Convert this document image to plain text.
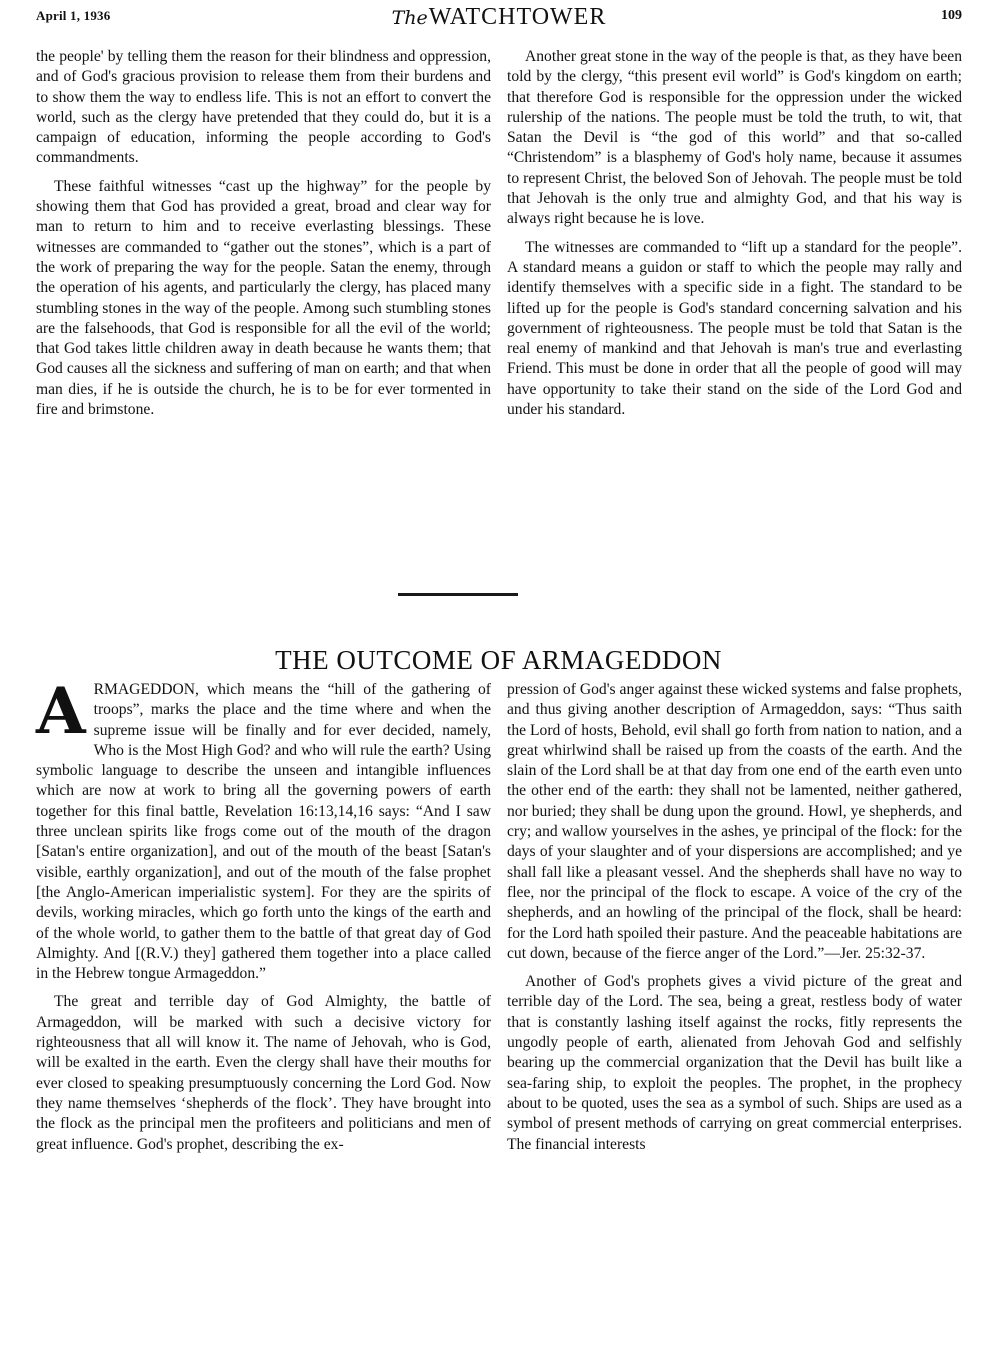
April 1, 1936	TheWATCHTOWER	109

the people' by telling them the reason for their blindness and oppression, and of God's gracious provision to release them from their burdens and to show them the way to endless life. This is not an effort to convert the world, such as the clergy have pretended that they could do, but it is a campaign of education, informing the people according to God's commandments.

These faithful witnesses “cast up the highway” for the people by showing them that God has provided a great, broad and clear way for man to return to him and to receive everlasting blessings. These witnesses are commanded to “gather out the stones”, which is a part of the work of preparing the way for the people. Satan the enemy, through the operation of his agents, and particularly the clergy, has placed many stumbling stones in the way of the people. Among such stumbling stones are the falsehoods, that God is responsible for all the evil of the world; that God takes little children away in death because he wants them; that God causes all the sickness and suffering of man on earth; and that when man dies, if he is outside the church, he is to be for ever tormented in fire and brimstone.

Another great stone in the way of the people is that, as they have been told by the clergy, “this present evil world” is God's kingdom on earth; that therefore God is responsible for the oppression under the wicked rulership of the nations. The people must be told the truth, to wit, that Satan the Devil is “the god of this world” and that so-called “Christendom” is a blasphemy of God's holy name, because it assumes to represent Christ, the beloved Son of Jehovah. The people must be told that Jehovah is the only true and almighty God, and that his way is always right because he is love.

The witnesses are commanded to “lift up a standard for the people”. A standard means a guidon or staff to which the people may rally and identify themselves with a specific side in a fight. The standard to be lifted up for the people is God's standard concerning salvation and his government of righteousness. The people must be told that Satan is the real enemy of mankind and that Jehovah is man's true and everlasting Friend. This must be done in order that all the people of good will may have opportunity to take their stand on the side of the Lord God and under his standard.

THE OUTCOME OF ARMAGEDDON

ARMAGEDDON, which means the “hill of the gathering of troops”, marks the place and the time where and when the supreme issue will be finally and for ever decided, namely, Who is the Most High God? and who will rule the earth? Using symbolic language to describe the unseen and intangible influences which are now at work to bring all the governing powers of earth together for this final battle, Revelation 16:13,14,16 says: “And I saw three unclean spirits like frogs come out of the mouth of the dragon [Satan's entire organization], and out of the mouth of the beast [Satan's visible, earthly organization], and out of the mouth of the false prophet [the Anglo-American imperialistic system]. For they are the spirits of devils, working miracles, which go forth unto the kings of the earth and of the whole world, to gather them to the battle of that great day of God Almighty. And [(R.V.) they] gathered them together into a place called in the Hebrew tongue Armageddon.”

The great and terrible day of God Almighty, the battle of Armageddon, will be marked with such a decisive victory for righteousness that all will know it. The name of Jehovah, who is God, will be exalted in the earth. Even the clergy shall have their mouths for ever closed to speaking presumptuously concerning the Lord God. Now they name themselves ‘shepherds of the flock’. They have brought into the flock as the principal men the profiteers and politicians and men of great influence. God's prophet, describing the ex-

pression of God's anger against these wicked systems and false prophets, and thus giving another description of Armageddon, says: “Thus saith the Lord of hosts, Behold, evil shall go forth from nation to nation, and a great whirlwind shall be raised up from the coasts of the earth. And the slain of the Lord shall be at that day from one end of the earth even unto the other end of the earth: they shall not be lamented, neither gathered, nor buried; they shall be dung upon the ground. Howl, ye shepherds, and cry; and wallow yourselves in the ashes, ye principal of the flock: for the days of your slaughter and of your dispersions are accomplished; and ye shall fall like a pleasant vessel. And the shepherds shall have no way to flee, nor the principal of the flock to escape. A voice of the cry of the shepherds, and an howling of the principal of the flock, shall be heard: for the Lord hath spoiled their pasture. And the peaceable habitations are cut down, because of the fierce anger of the Lord.”—Jer. 25:32-37.

Another of God's prophets gives a vivid picture of the great and terrible day of the Lord. The sea, being a great, restless body of water that is constantly lashing itself against the rocks, fitly represents the ungodly people of earth, alienated from Jehovah God and selfishly bearing up the commercial organization that the Devil has built like a sea-faring ship, to exploit the peoples. The prophet, in the prophecy about to be quoted, uses the sea as a symbol of such. Ships are used as a symbol of present methods of carrying on great commercial enterprises. The financial interests
